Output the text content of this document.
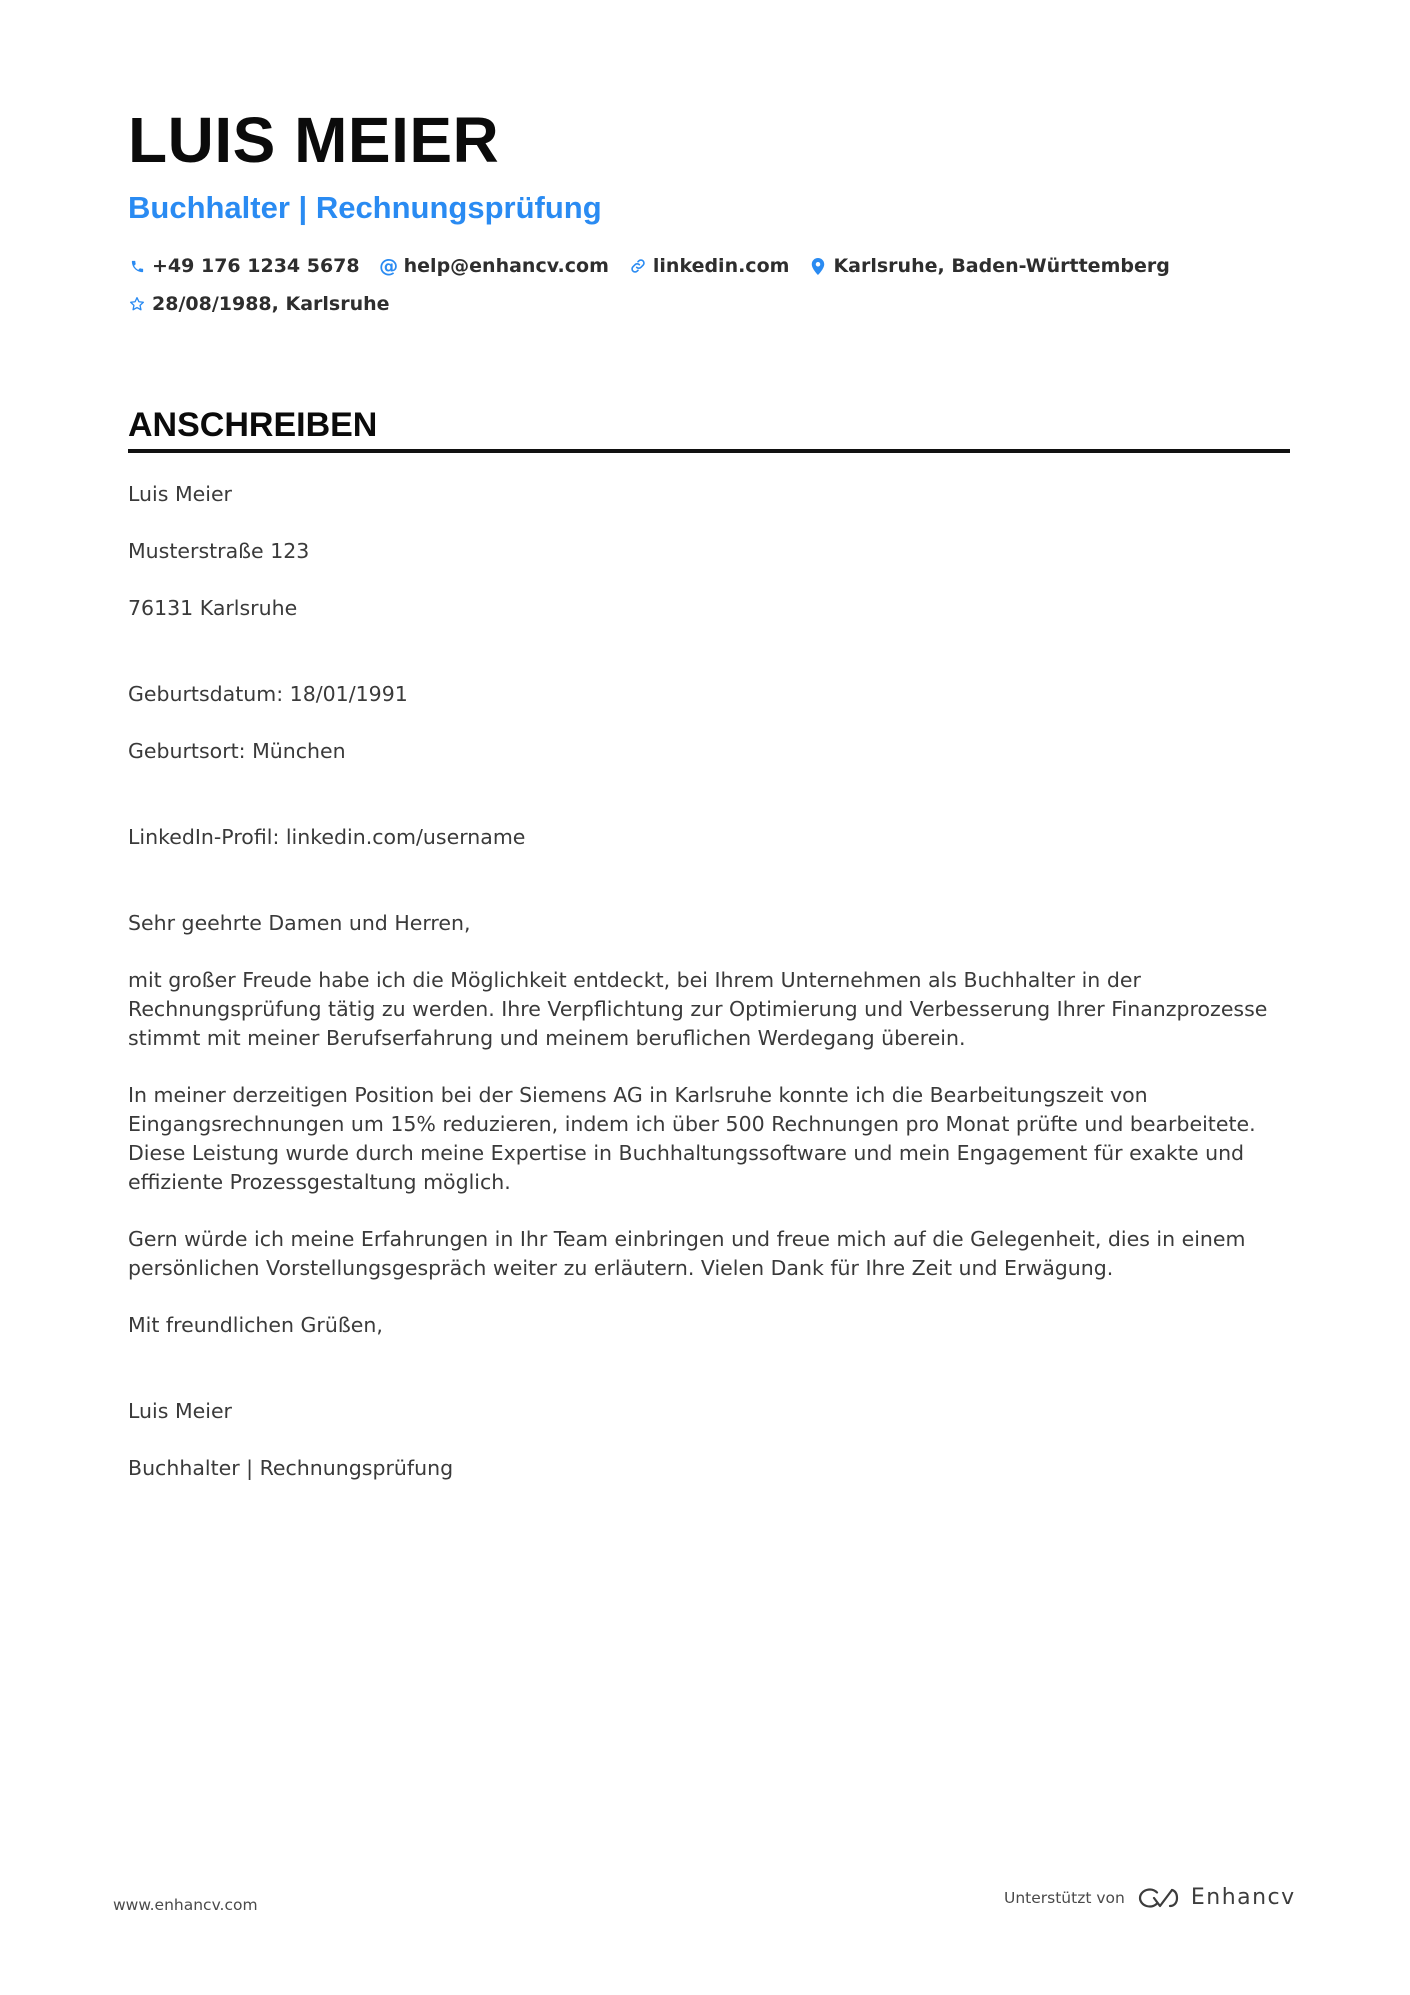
LUIS MEIER
Buchhalter | Rechnungsprüfung
+49 176 1234 5678 @ help@enhancv.com linkedin.com Karlsruhe, Baden-Württemberg
28/08/1988, Karlsruhe
ANSCHREIBEN

Luis Meier

Musterstraße 123

76131 Karlsruhe

Geburtsdatum: 18/01/1991

Geburtsort: München

LinkedIn-Profil: linkedin.com/username

Sehr geehrte Damen und Herren,

mit großer Freude habe ich die Möglichkeit entdeckt, bei Ihrem Unternehmen als Buchhalter in der Rechnungsprüfung tätig zu werden. Ihre Verpflichtung zur Optimierung und Verbesserung Ihrer Finanzprozesse stimmt mit meiner Berufserfahrung und meinem beruflichen Werdegang überein.

In meiner derzeitigen Position bei der Siemens AG in Karlsruhe konnte ich die Bearbeitungszeit von Eingangsrechnungen um 15% reduzieren, indem ich über 500 Rechnungen pro Monat prüfte und bearbeitete. Diese Leistung wurde durch meine Expertise in Buchhaltungssoftware und mein Engagement für exakte und effiziente Prozessgestaltung möglich.

Gern würde ich meine Erfahrungen in Ihr Team einbringen und freue mich auf die Gelegenheit, dies in einem persönlichen Vorstellungsgespräch weiter zu erläutern. Vielen Dank für Ihre Zeit und Erwägung.

Mit freundlichen Grüßen,

Luis Meier

Buchhalter | Rechnungsprüfung

www.enhancv.com	Unterstützt von	Enhancv
